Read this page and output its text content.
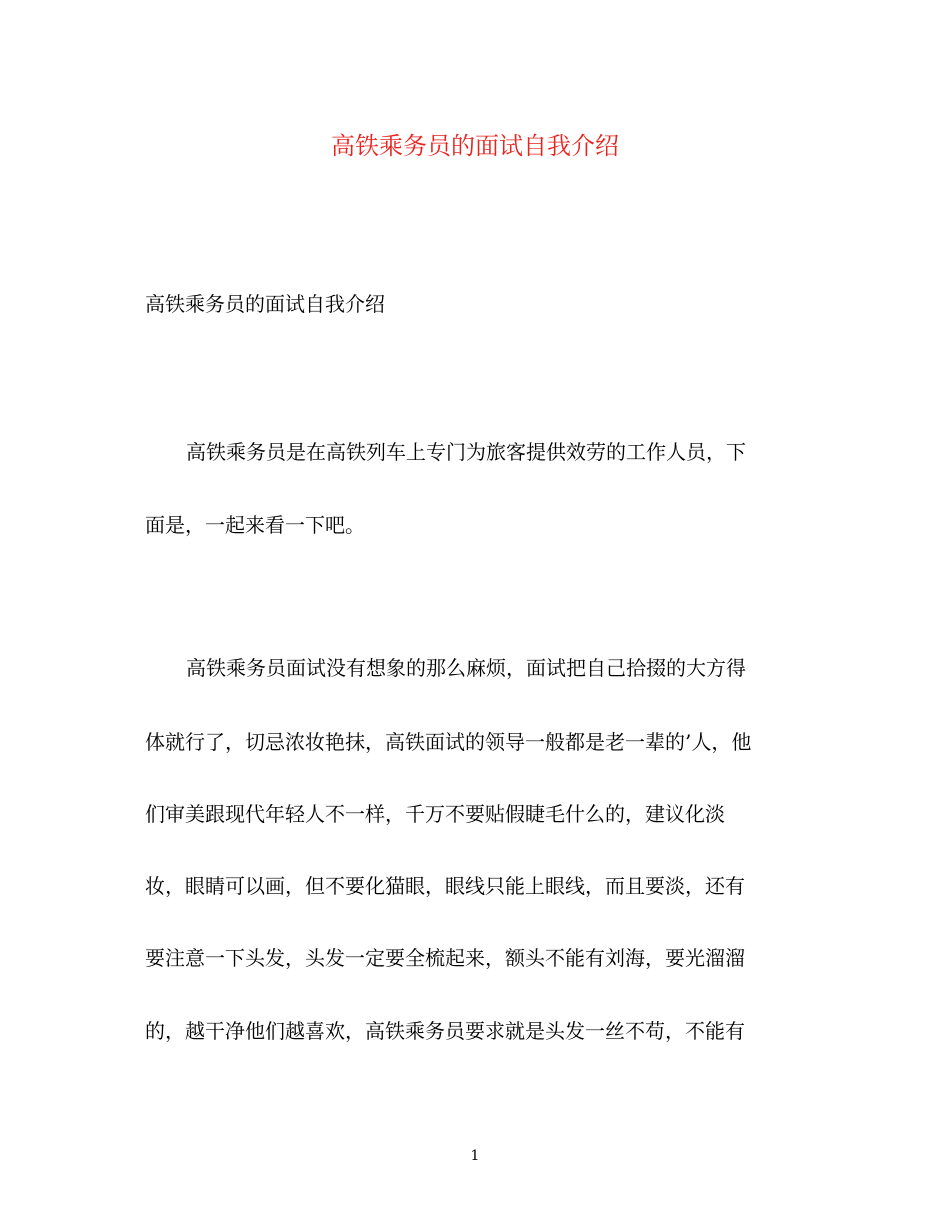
高铁乘务员的面试自我介绍
高铁乘务员的面试自我介绍
高铁乘务员是在高铁列车上专门为旅客提供效劳的工作人员，下
面是，一起来看一下吧。
高铁乘务员面试没有想象的那么麻烦，面试把自己拾掇的大方得
体就行了，切忌浓妆艳抹，高铁面试的领导一般都是老一辈的’人，他
们审美跟现代年轻人不一样，千万不要贴假睫毛什么的，建议化淡
妆，眼睛可以画，但不要化猫眼，眼线只能上眼线，而且要淡，还有
要注意一下头发，头发一定要全梳起来，额头不能有刘海，要光溜溜
的，越干净他们越喜欢，高铁乘务员要求就是头发一丝不苟，不能有
1
